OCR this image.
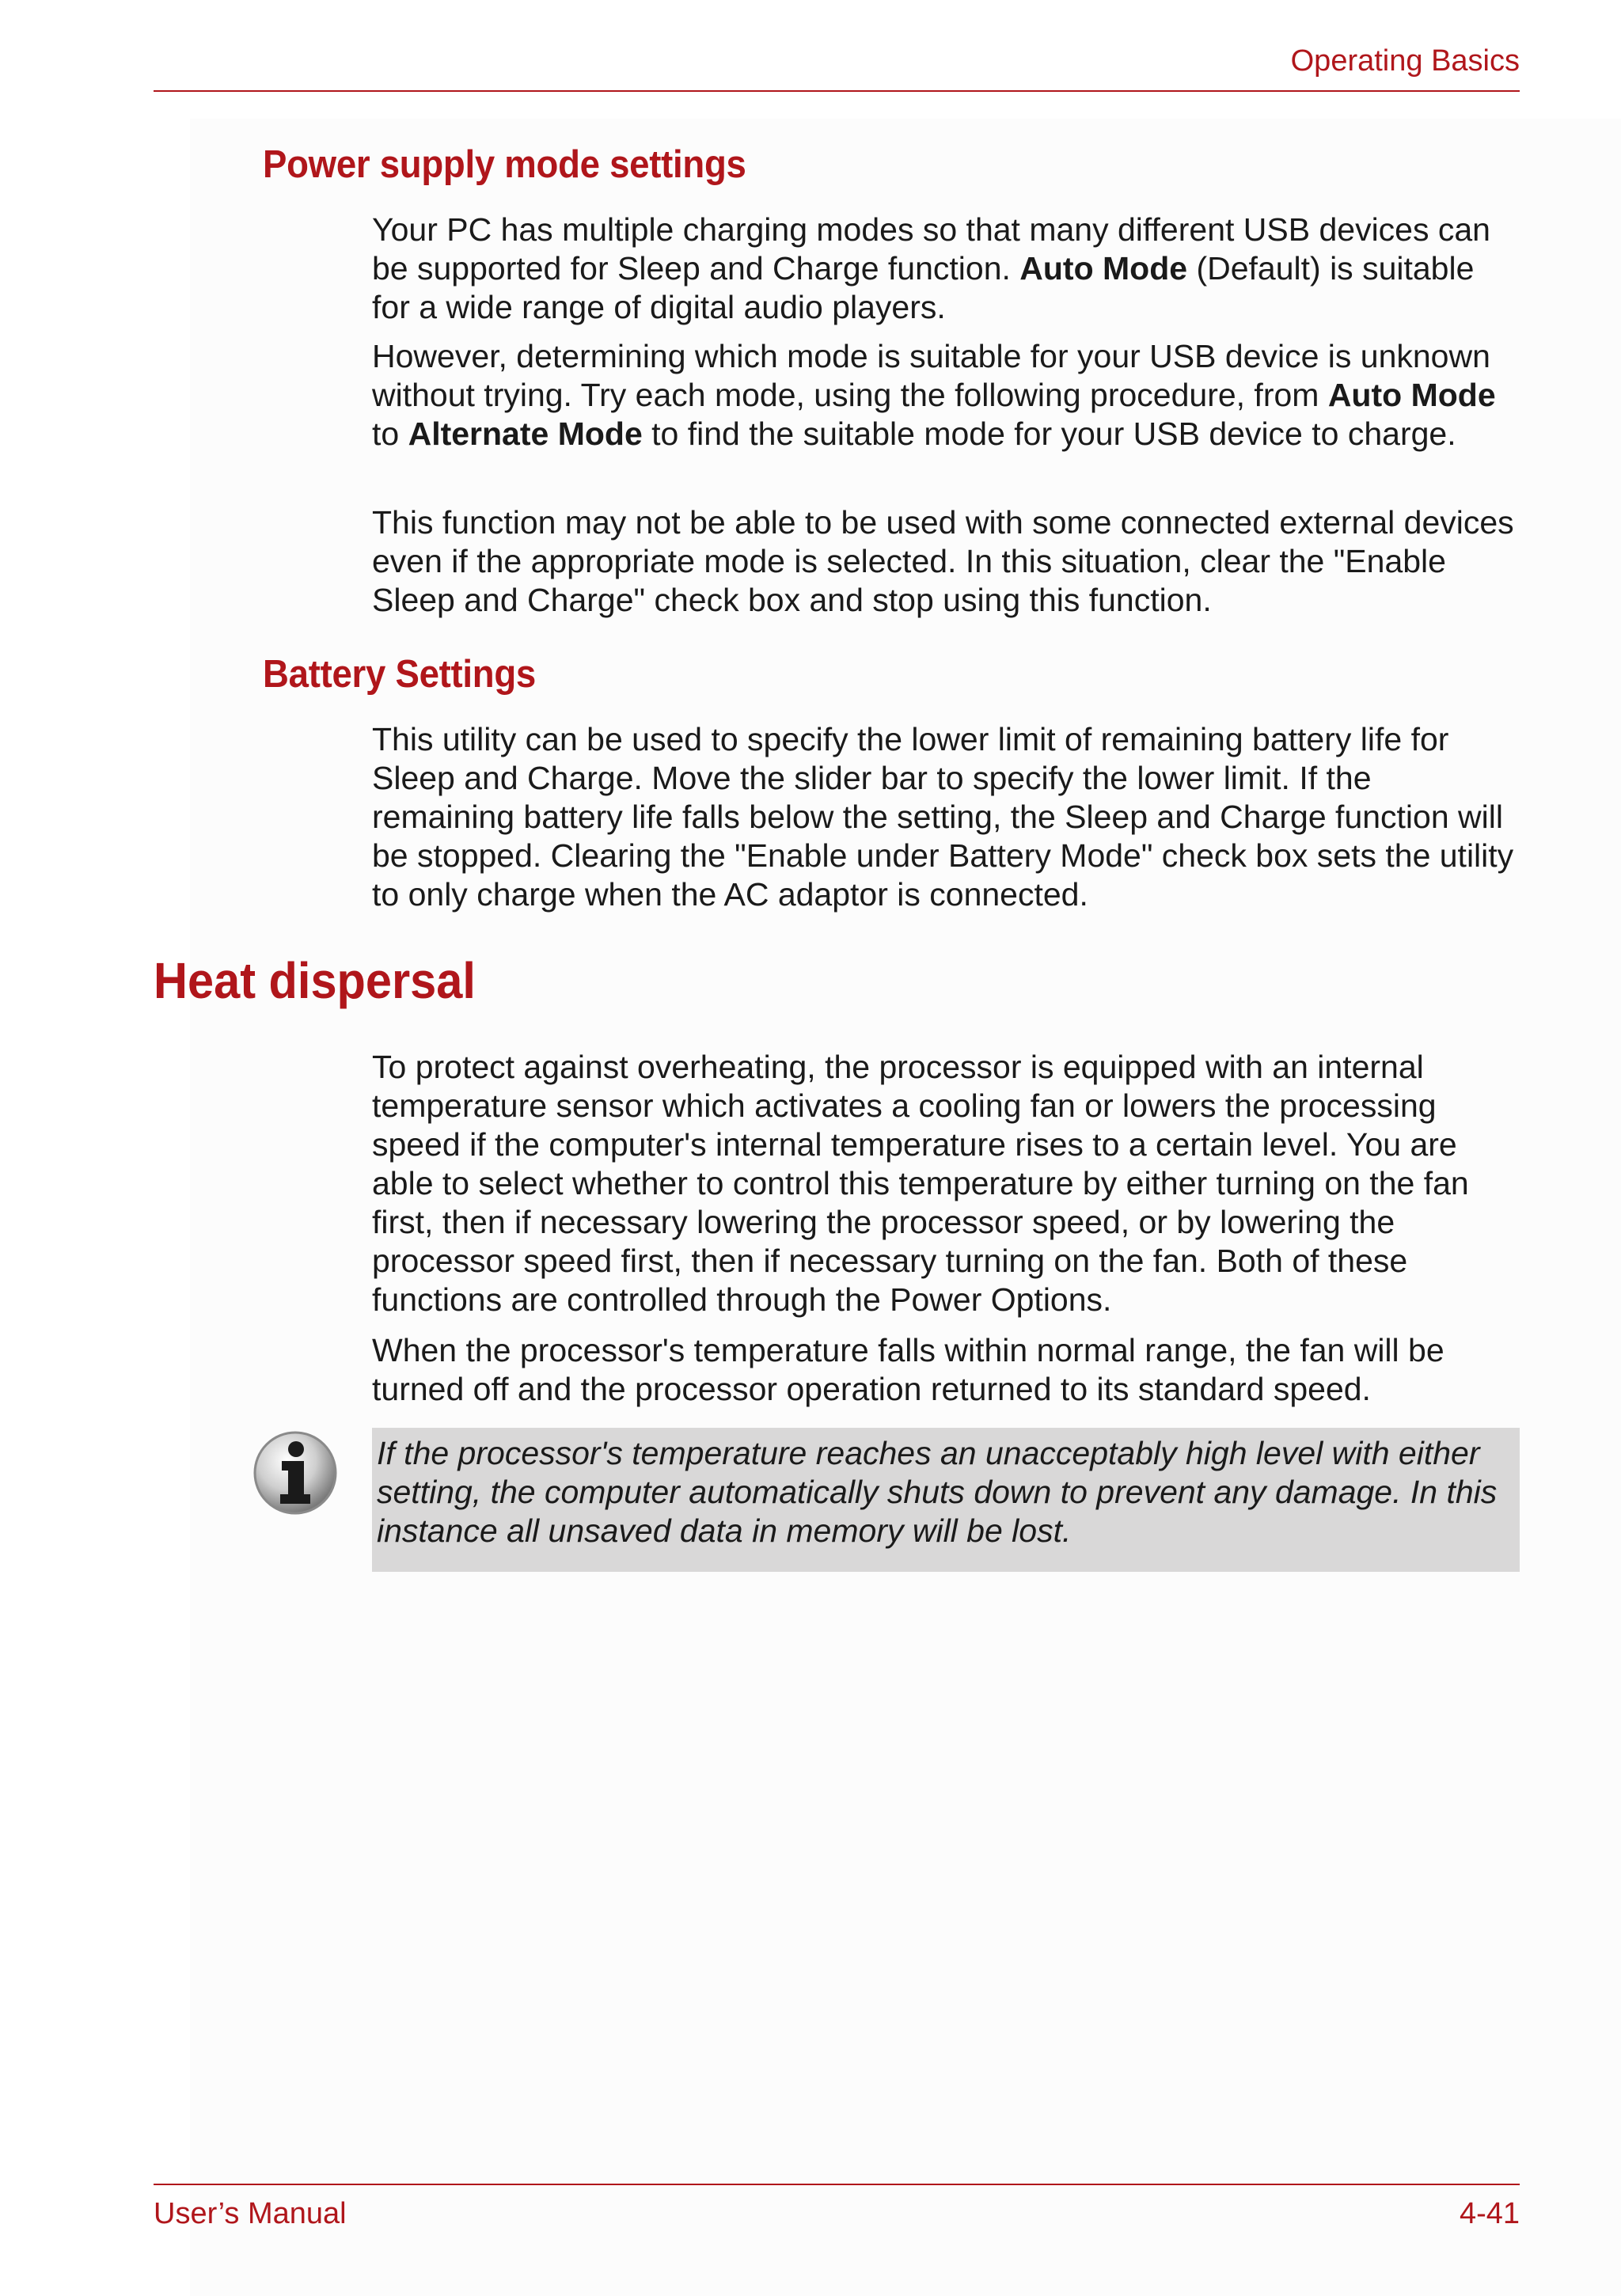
Operating Basics
Power supply mode settings

Your PC has multiple charging modes so that many different USB devices can be supported for Sleep and Charge function. Auto Mode (Default) is suitable for a wide range of digital audio players.

However, determining which mode is suitable for your USB device is unknown without trying. Try each mode, using the following procedure, from Auto Mode to Alternate Mode to find the suitable mode for your USB device to charge.

This function may not be able to be used with some connected external devices even if the appropriate mode is selected. In this situation, clear the "Enable Sleep and Charge" check box and stop using this function.

Battery Settings

This utility can be used to specify the lower limit of remaining battery life for Sleep and Charge. Move the slider bar to specify the lower limit. If the remaining battery life falls below the setting, the Sleep and Charge function will be stopped. Clearing the "Enable under Battery Mode" check box sets the utility to only charge when the AC adaptor is connected.

Heat dispersal

To protect against overheating, the processor is equipped with an internal temperature sensor which activates a cooling fan or lowers the processing speed if the computer's internal temperature rises to a certain level. You are able to select whether to control this temperature by either turning on the fan first, then if necessary lowering the processor speed, or by lowering the processor speed first, then if necessary turning on the fan. Both of these functions are controlled through the Power Options.

When the processor's temperature falls within normal range, the fan will be turned off and the processor operation returned to its standard speed.

If the processor's temperature reaches an unacceptably high level with either setting, the computer automatically shuts down to prevent any damage. In this instance all unsaved data in memory will be lost.

User’s Manual	4-41
